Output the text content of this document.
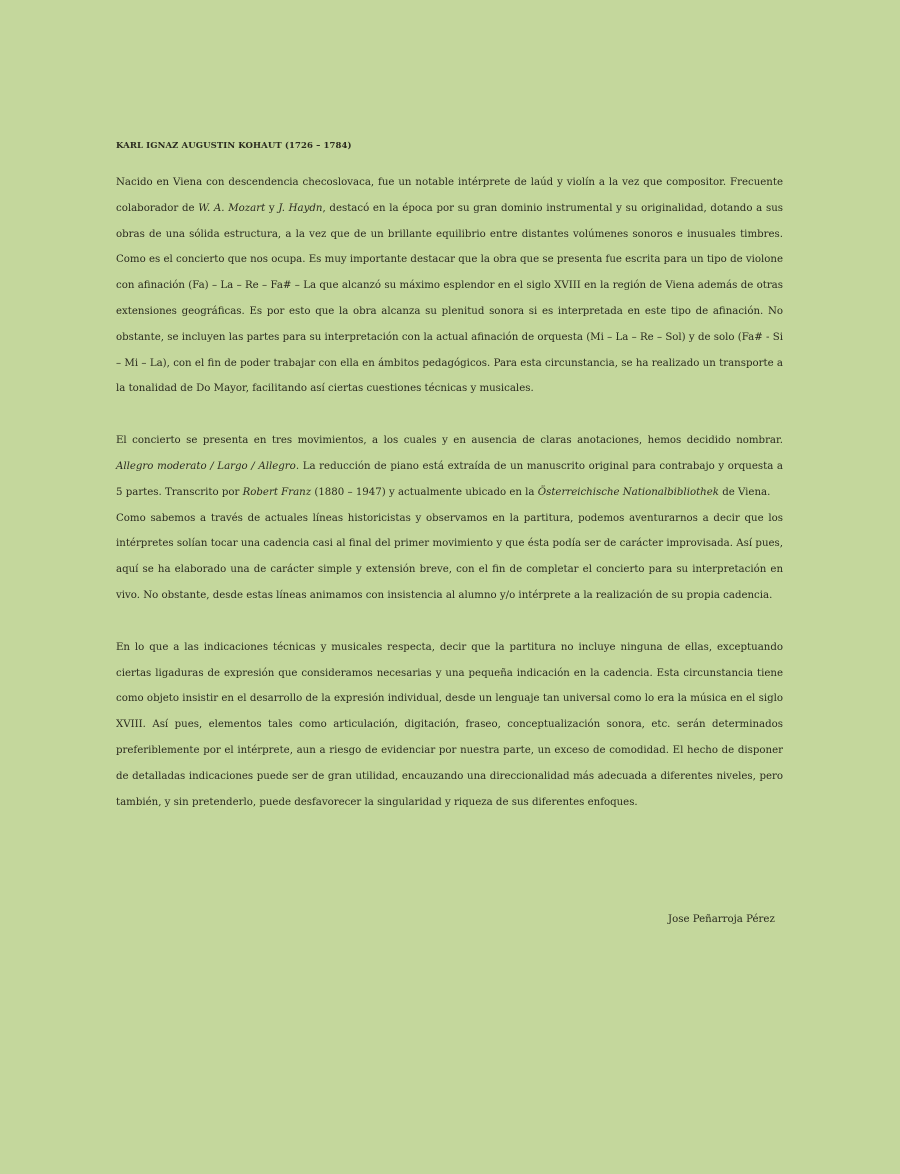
KARL IGNAZ AUGUSTIN KOHAUT (1726 – 1784)

Nacido en Viena con descendencia checoslovaca, fue un notable intérprete de laúd y violín a la vez que compositor. Frecuente colaborador de W. A. Mozart y J. Haydn, destacó en la época por su gran dominio instrumental y su originalidad, dotando a sus obras de una sólida estructura, a la vez que de un brillante equilibrio entre distantes volúmenes sonoros e inusuales timbres. Como es el concierto que nos ocupa. Es muy importante destacar que la obra que se presenta fue escrita para un tipo de violone con afinación (Fa) – La – Re – Fa# – La que alcanzó su máximo esplendor en el siglo XVIII en la región de Viena además de otras extensiones geográficas. Es por esto que la obra alcanza su plenitud sonora si es interpretada en este tipo de afinación. No obstante, se incluyen las partes para su interpretación con la actual afinación de orquesta (Mi – La – Re – Sol) y de solo (Fa# - Si – Mi – La), con el fin de poder trabajar con ella en ámbitos pedagógicos. Para esta circunstancia, se ha realizado un transporte a la tonalidad de Do Mayor, facilitando así ciertas cuestiones técnicas y musicales.

El concierto se presenta en tres movimientos, a los cuales y en ausencia de claras anotaciones, hemos decidido nombrar. Allegro moderato / Largo / Allegro. La reducción de piano está extraída de un manuscrito original para contrabajo y orquesta a 5 partes. Transcrito por Robert Franz (1880 – 1947) y actualmente ubicado en la Österreichische Nationalbibliothek de Viena.

Como sabemos a través de actuales líneas historicistas y observamos en la partitura, podemos aventurarnos a decir que los intérpretes solían tocar una cadencia casi al final del primer movimiento y que ésta podía ser de carácter improvisada. Así pues, aquí se ha elaborado una de carácter simple y extensión breve, con el fin de completar el concierto para su interpretación en vivo. No obstante, desde estas líneas animamos con insistencia al alumno y/o intérprete a la realización de su propia cadencia.

En lo que a las indicaciones técnicas y musicales respecta, decir que la partitura no incluye ninguna de ellas, exceptuando ciertas ligaduras de expresión que consideramos necesarias y una pequeña indicación en la cadencia. Esta circunstancia tiene como objeto insistir en el desarrollo de la expresión individual, desde un lenguaje tan universal como lo era la música en el siglo XVIII. Así pues, elementos tales como articulación, digitación, fraseo, conceptualización sonora, etc. serán determinados preferiblemente por el intérprete, aun a riesgo de evidenciar por nuestra parte, un exceso de comodidad. El hecho de disponer de detalladas indicaciones puede ser de gran utilidad, encauzando una direccionalidad más adecuada a diferentes niveles, pero también, y sin pretenderlo, puede desfavorecer la singularidad y riqueza de sus diferentes enfoques.

Jose Peñarroja Pérez
